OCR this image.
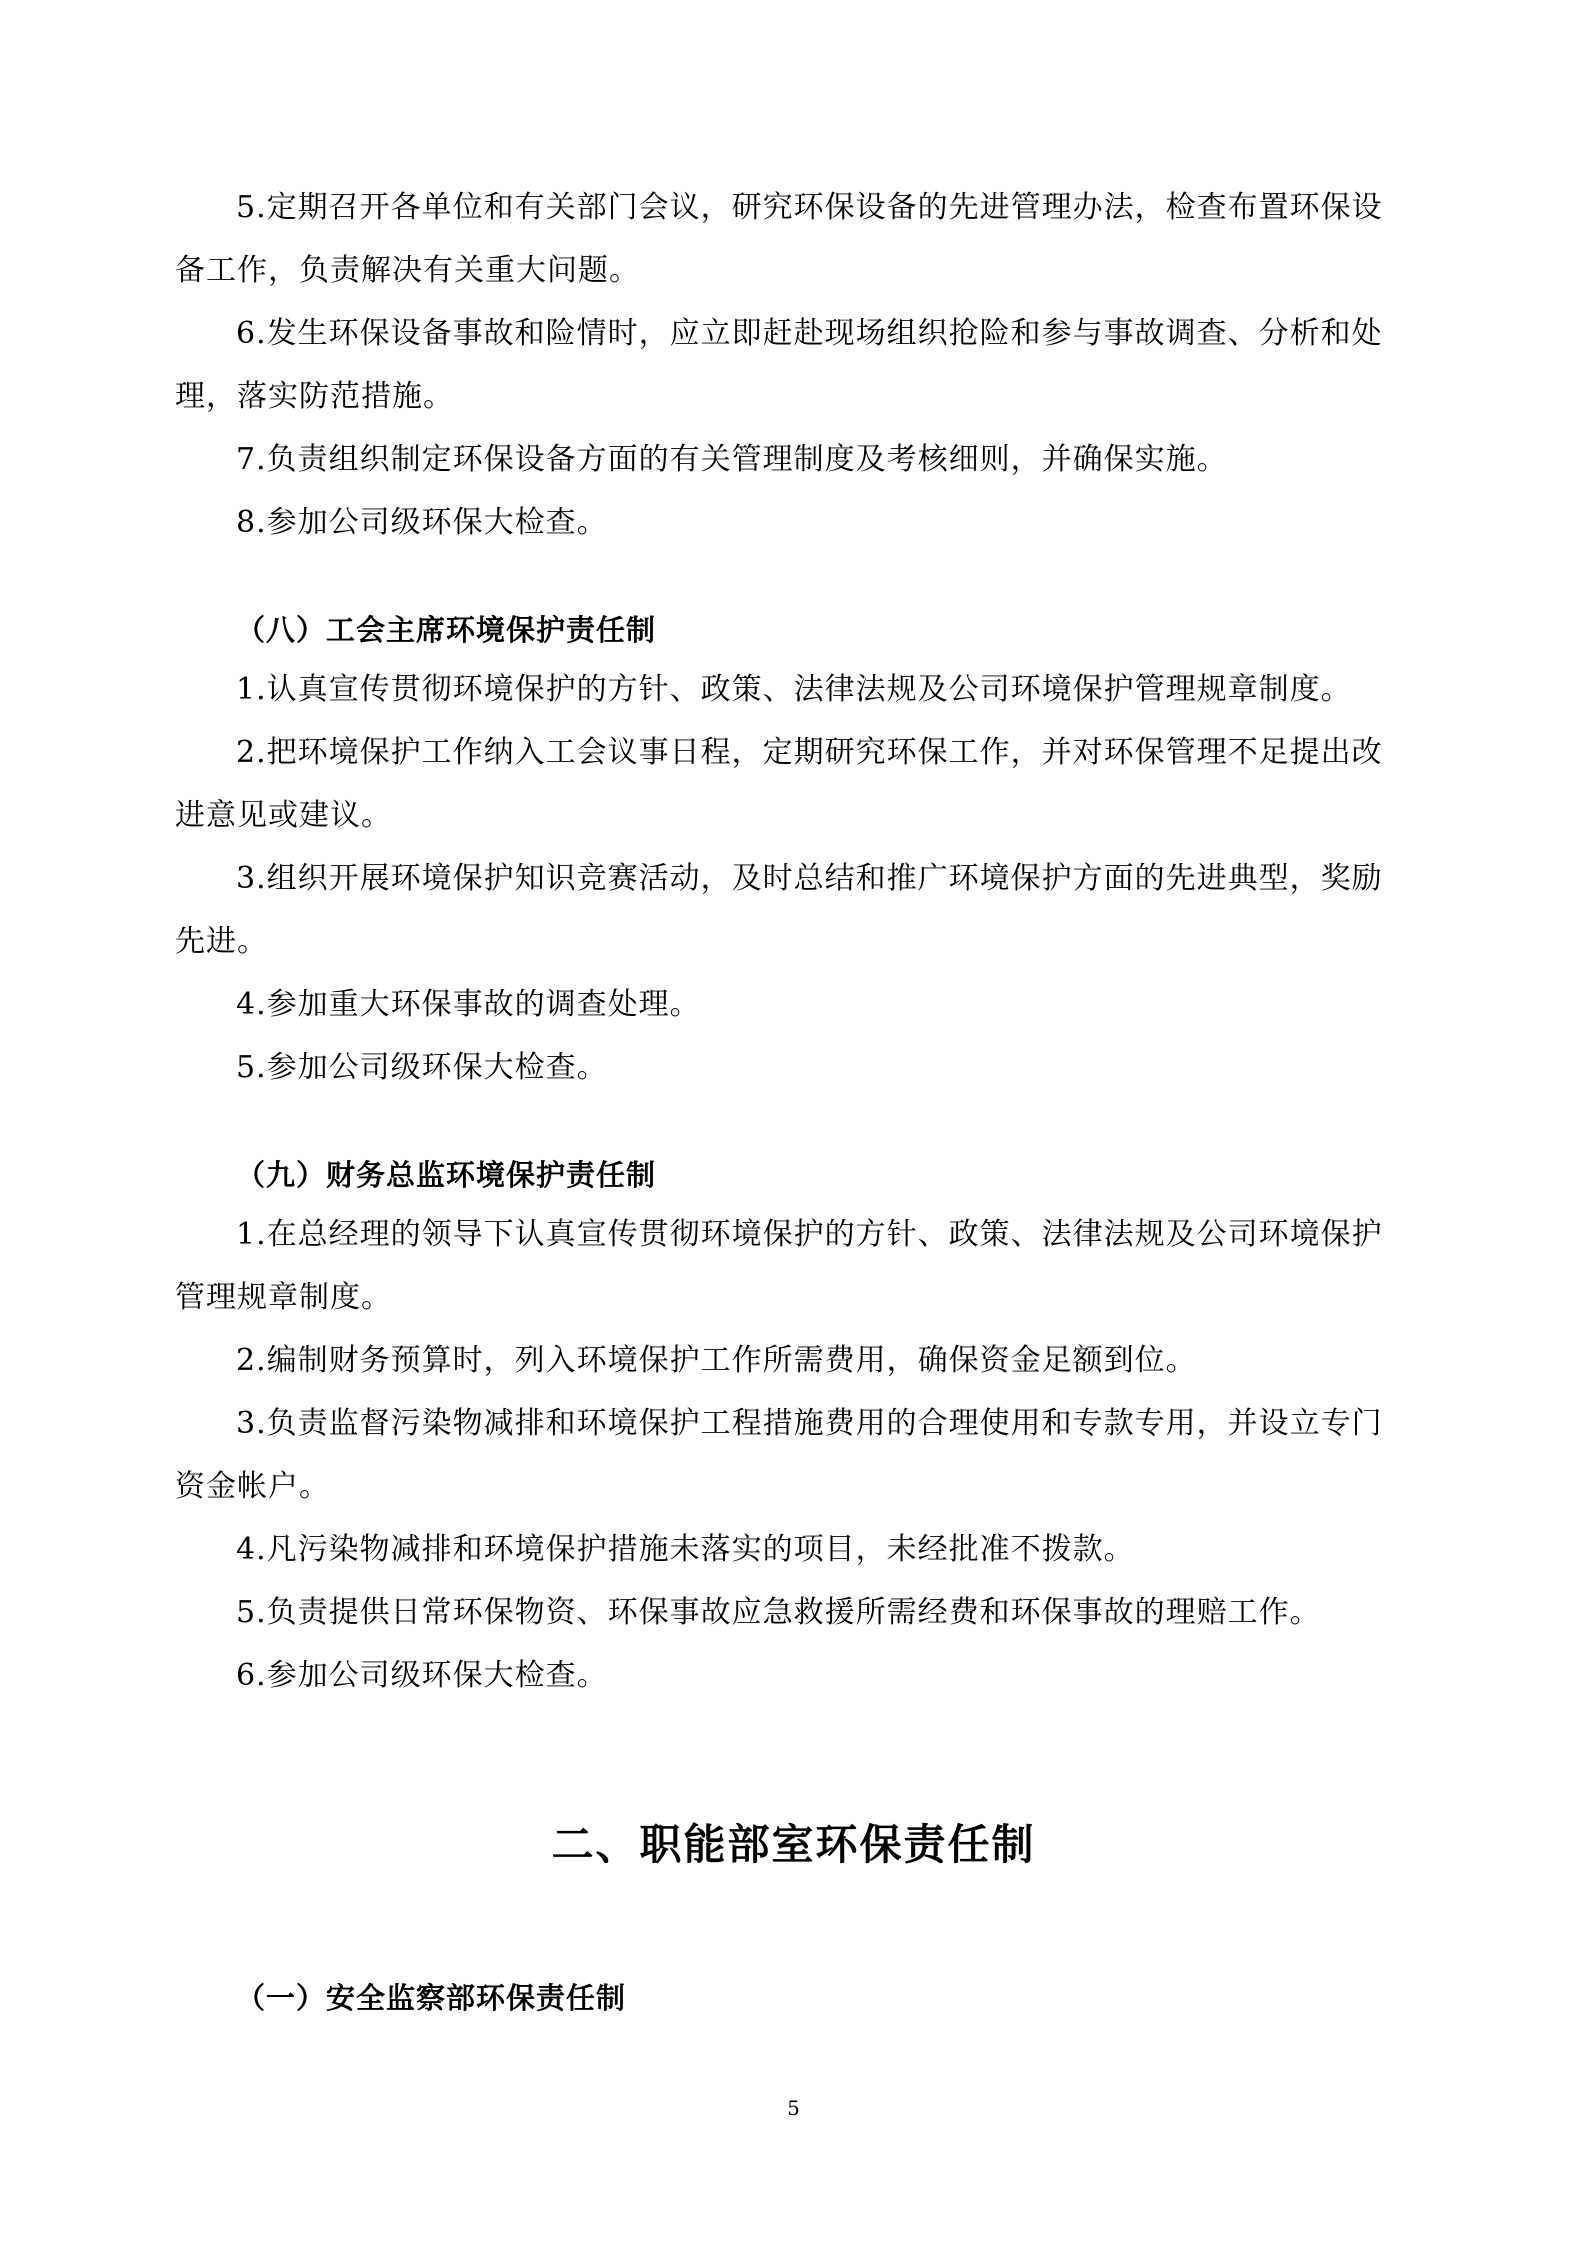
5.定期召开各单位和有关部门会议，研究环保设备的先进管理办法，检查布置环保设
备工作，负责解决有关重大问题。
6.发生环保设备事故和险情时，应立即赶赴现场组织抢险和参与事故调查、分析和处
理，落实防范措施。
7.负责组织制定环保设备方面的有关管理制度及考核细则，并确保实施。
8.参加公司级环保大检查。
（八）工会主席环境保护责任制
1.认真宣传贯彻环境保护的方针、政策、法律法规及公司环境保护管理规章制度。
2.把环境保护工作纳入工会议事日程，定期研究环保工作，并对环保管理不足提出改
进意见或建议。
3.组织开展环境保护知识竞赛活动，及时总结和推广环境保护方面的先进典型，奖励
先进。
4.参加重大环保事故的调查处理。
5.参加公司级环保大检查。
（九）财务总监环境保护责任制
1.在总经理的领导下认真宣传贯彻环境保护的方针、政策、法律法规及公司环境保护
管理规章制度。
2.编制财务预算时，列入环境保护工作所需费用，确保资金足额到位。
3.负责监督污染物减排和环境保护工程措施费用的合理使用和专款专用，并设立专门
资金帐户。
4.凡污染物减排和环境保护措施未落实的项目，未经批准不拨款。
5.负责提供日常环保物资、环保事故应急救援所需经费和环保事故的理赔工作。
6.参加公司级环保大检查。
二、职能部室环保责任制
（一）安全监察部环保责任制
5
